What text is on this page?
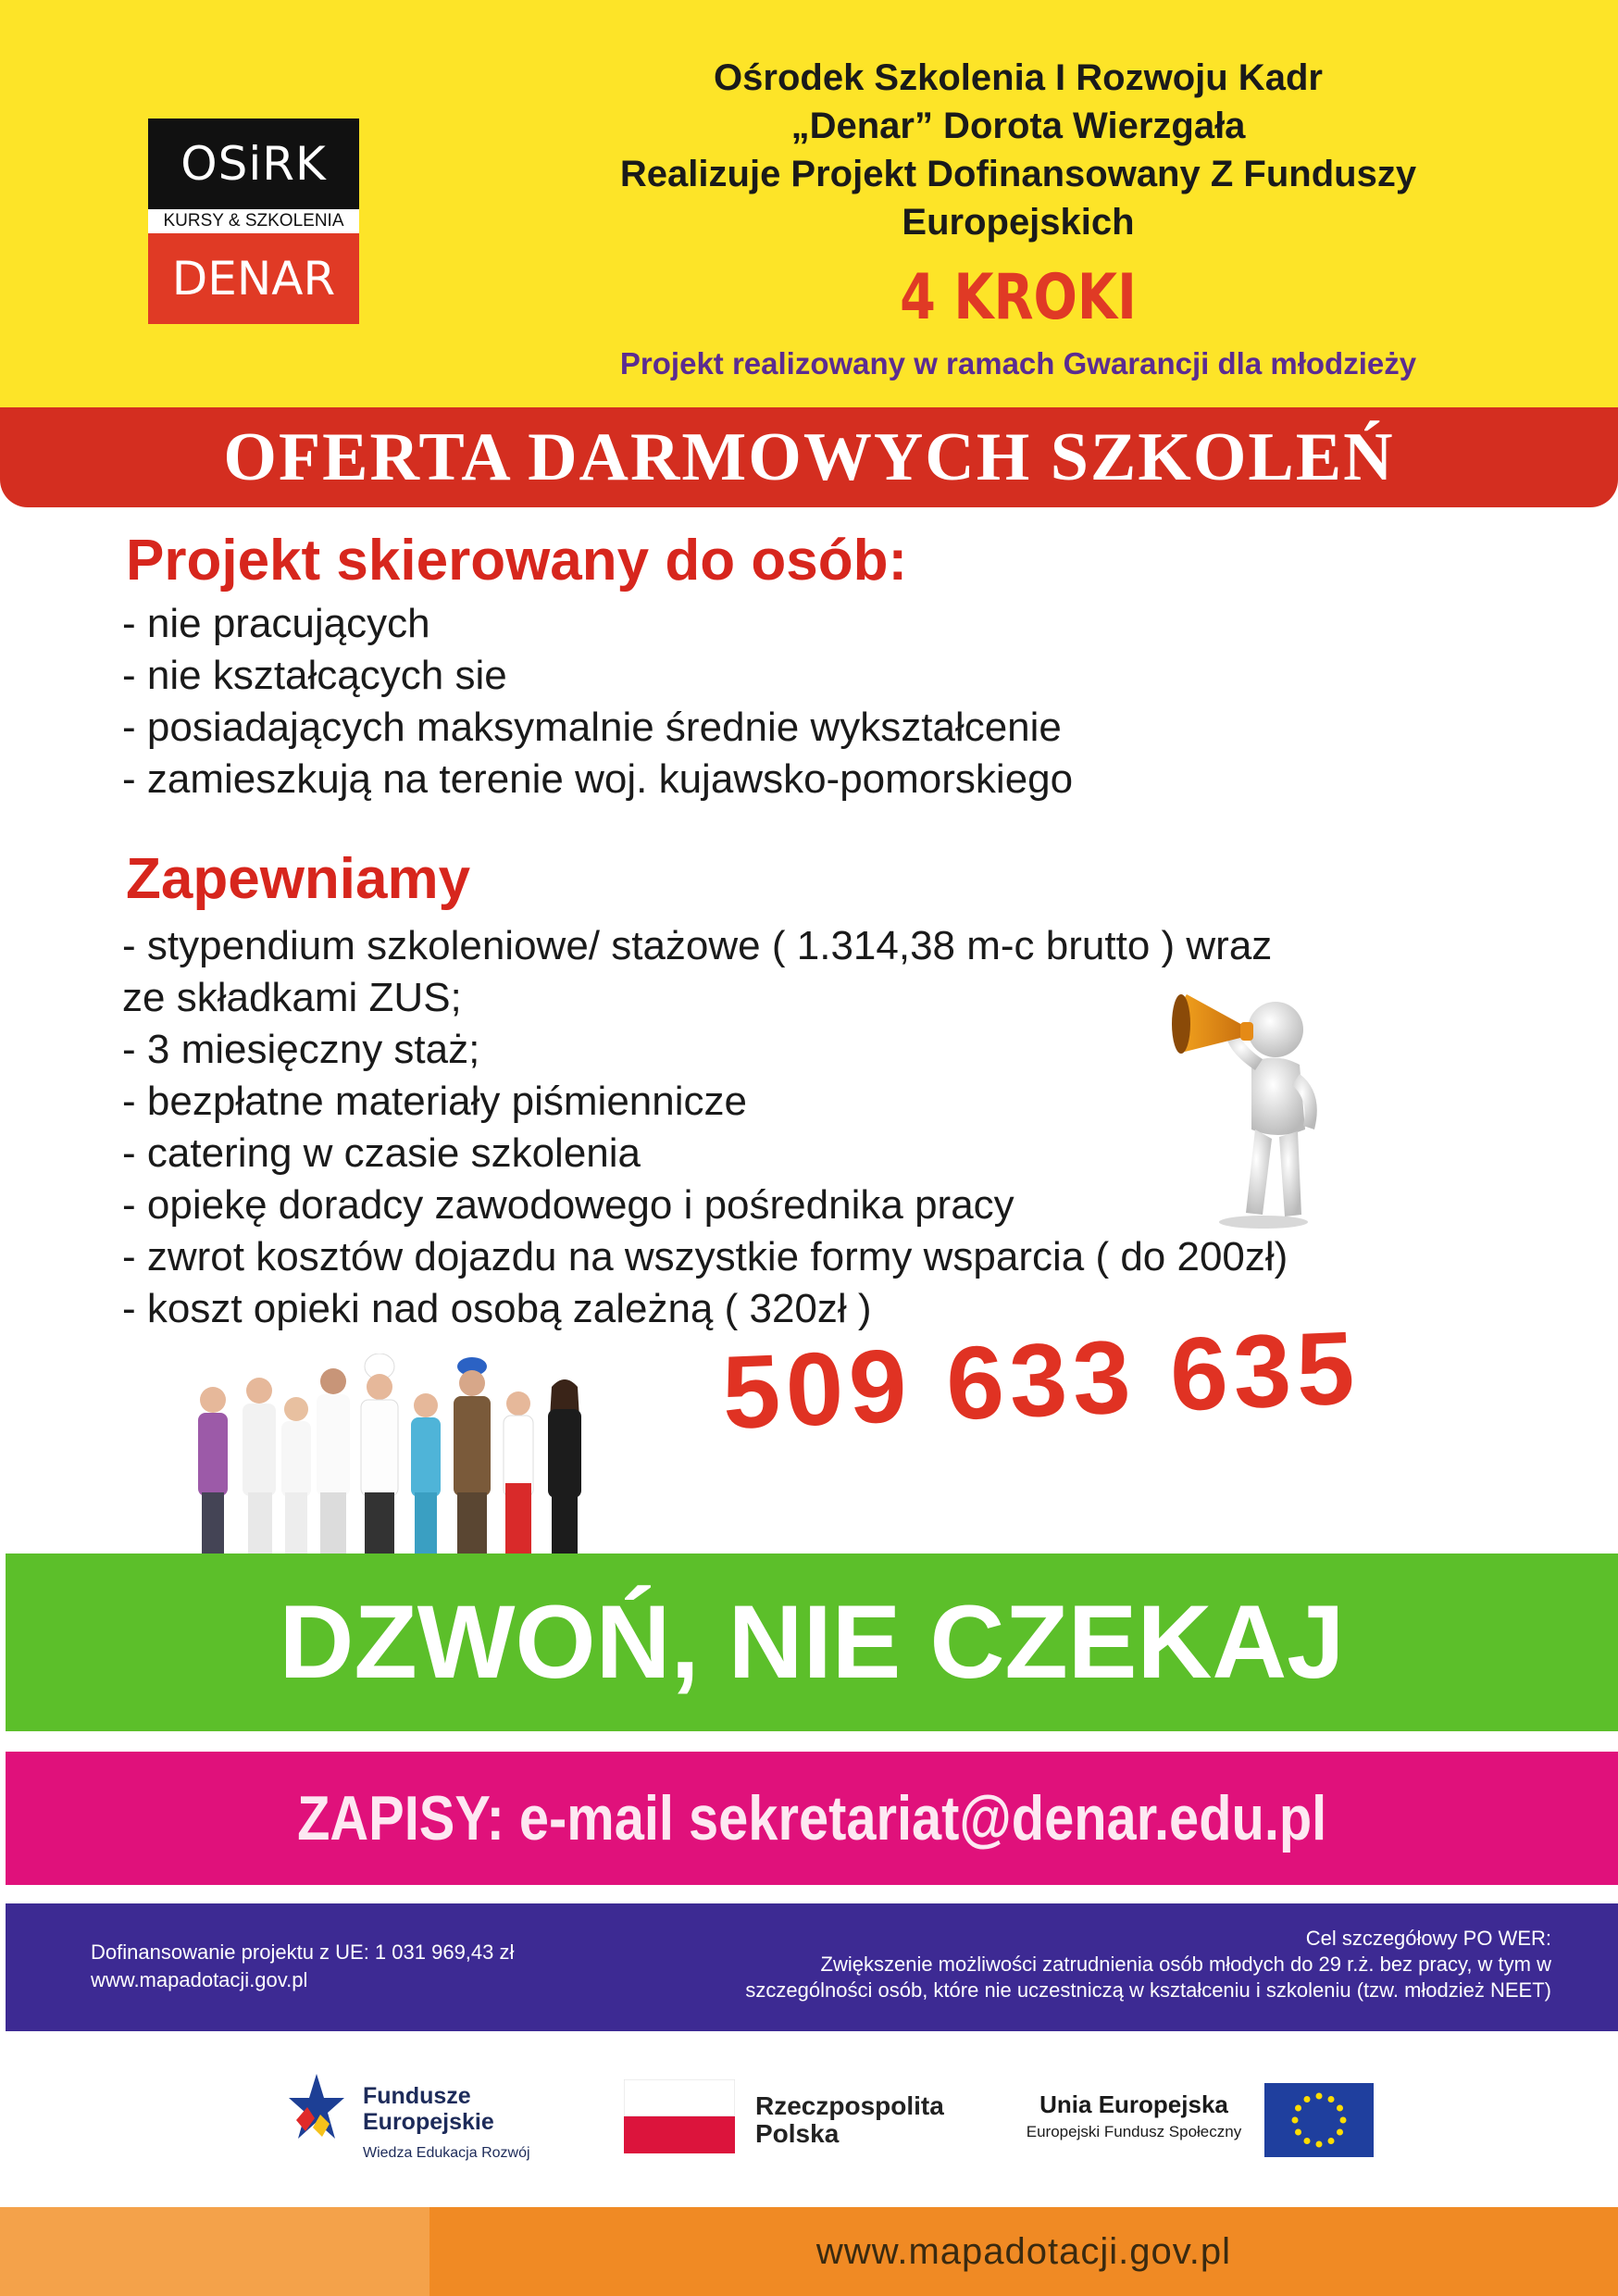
OSiRK
KURSY & SZKOLENIA
DENAR
Ośrodek Szkolenia I Rozwoju Kadr
„Denar” Dorota Wierzgała
Realizuje Projekt Dofinansowany Z Funduszy
Europejskich
4 KROKI
Projekt realizowany w ramach Gwarancji dla młodzieży
OFERTA DARMOWYCH SZKOLEŃ
Projekt skierowany do osób:
- nie pracujących
- nie kształcących sie
- posiadających maksymalnie średnie wykształcenie
- zamieszkują na terenie woj. kujawsko-pomorskiego
Zapewniamy
- stypendium szkoleniowe/ stażowe ( 1.314,38 m-c brutto ) wraz
ze składkami ZUS;
- 3 miesięczny staż;
- bezpłatne materiały piśmiennicze
- catering w czasie szkolenia
- opiekę doradcy zawodowego i pośrednika pracy
- zwrot kosztów dojazdu na wszystkie formy wsparcia ( do 200zł)
- koszt opieki nad osobą zależną ( 320zł )
509 633 635
DZWOŃ, NIE CZEKAJ
ZAPISY: e-mail sekretariat@denar.edu.pl
Dofinansowanie projektu z UE: 1 031 969,43 zł
www.mapadotacji.gov.pl
Cel szczegółowy PO WER:
Zwiększenie możliwości zatrudnienia osób młodych do 29 r.ż. bez pracy, w tym w
szczególności osób, które nie uczestniczą w kształceniu i szkoleniu (tzw. młodzież NEET)
Fundusze
Europejskie
Wiedza Edukacja Rozwój
Rzeczpospolita
Polska
Unia Europejska
Europejski Fundusz Społeczny
www.mapadotacji.gov.pl
